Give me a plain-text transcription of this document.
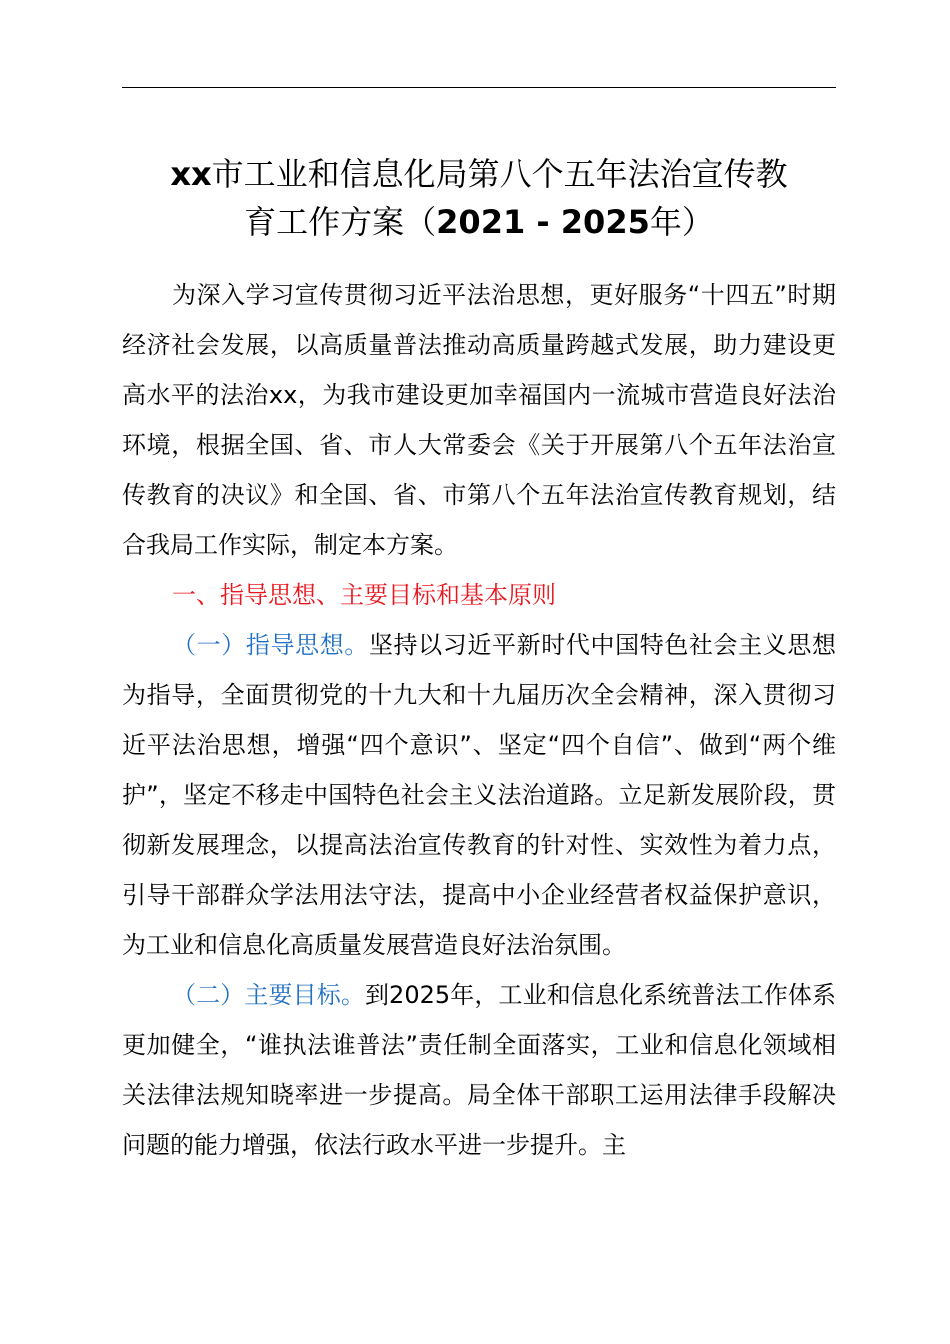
xx市工业和信息化局第八个五年法治宣传教
育工作方案（2021 - 2025年）

为深入学习宣传贯彻习近平法治思想，更好服务“十四五”时期经济社会发展，以高质量普法推动高质量跨越式发展，助力建设更高水平的法治xx，为我市建设更加幸福国内一流城市营造良好法治环境，根据全国、省、市人大常委会《关于开展第八个五年法治宣传教育的决议》和全国、省、市第八个五年法治宣传教育规划，结合我局工作实际，制定本方案。

一、指导思想、主要目标和基本原则

（一）指导思想。坚持以习近平新时代中国特色社会主义思想为指导，全面贯彻党的十九大和十九届历次全会精神，深入贯彻习近平法治思想，增强“四个意识”、坚定“四个自信”、做到“两个维护”，坚定不移走中国特色社会主义法治道路。立足新发展阶段，贯彻新发展理念，以提高法治宣传教育的针对性、实效性为着力点，引导干部群众学法用法守法，提高中小企业经营者权益保护意识，为工业和信息化高质量发展营造良好法治氛围。

（二）主要目标。到2025年，工业和信息化系统普法工作体系更加健全，“谁执法谁普法”责任制全面落实，工业和信息化领域相关法律法规知晓率进一步提高。局全体干部职工运用法律手段解决问题的能力增强，依法行政水平进一步提升。主
